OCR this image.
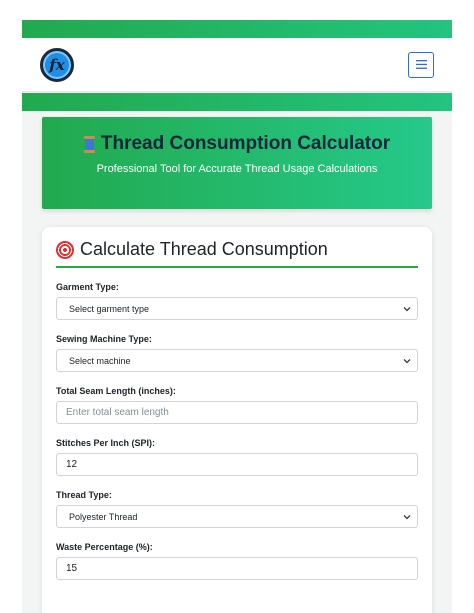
fx
Thread Consumption Calculator
Professional Tool for Accurate Thread Usage Calculations
Calculate Thread Consumption
Garment Type:
Select garment type
Sewing Machine Type:
Select machine
Total Seam Length (inches):
Enter total seam length
Stitches Per Inch (SPI):
12
Thread Type:
Polyester Thread
Waste Percentage (%):
15
